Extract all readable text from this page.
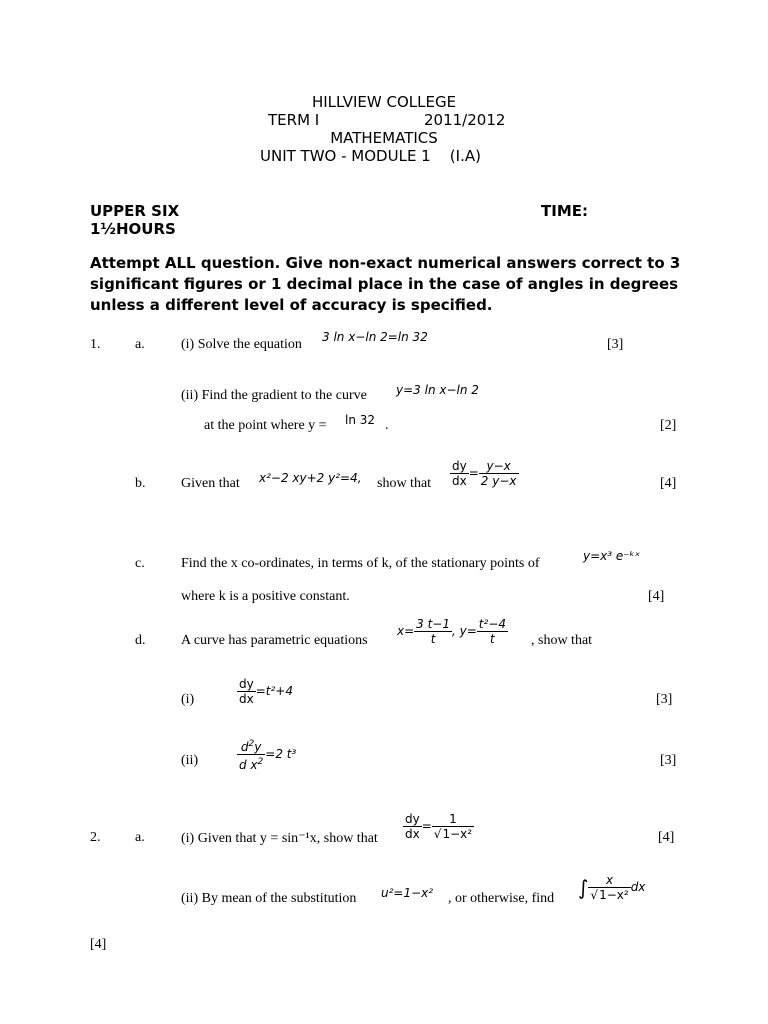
HILLVIEW COLLEGE
TERM I	2011/2012
MATHEMATICS
UNIT TWO - MODULE 1    (I.A)
UPPER SIX	TIME:
1½HOURS
Attempt ALL question. Give non-exact numerical answers correct to 3 significant figures or 1 decimal place in the case of angles in degrees unless a different level of accuracy is specified.
1. a.	(i) Solve the equation 3 ln x−ln 2=ln 32	[3]
(ii) Find the gradient to the curve y=3 ln x−ln 2
at the point where y = ln 32 .	[2]
b.	Given that x²−2 xy+2 y²=4, show that $\frac{dy}{dx} = \frac{y-x}{2 y-x}$	[4]
c.	Find the x co-ordinates, in terms of k, of the stationary points of	y=x³ e⁻ᵏˣ
where k is a positive constant.	[4]
d.	A curve has parametric equations
$x= \frac{3 t-1}{t}$ , $y= \frac{\text{t²−4}}{t}$ , show that
(i)	$\frac{dy}{dx} =t^2+4$
[3]
(ii)	$\frac{d^2y}{d x^2} =2$ t³	[3]
2. a.	(i) Given that y = sin⁻¹x, show that $\frac{dy}{dx} = \frac{1}{\text{√1−x²}}$	[4]
(ii) By mean of the substitution u²=1−x² , or otherwise, find ∫ $\frac{x}{\text{√1−x²}}$ dx
[4]
